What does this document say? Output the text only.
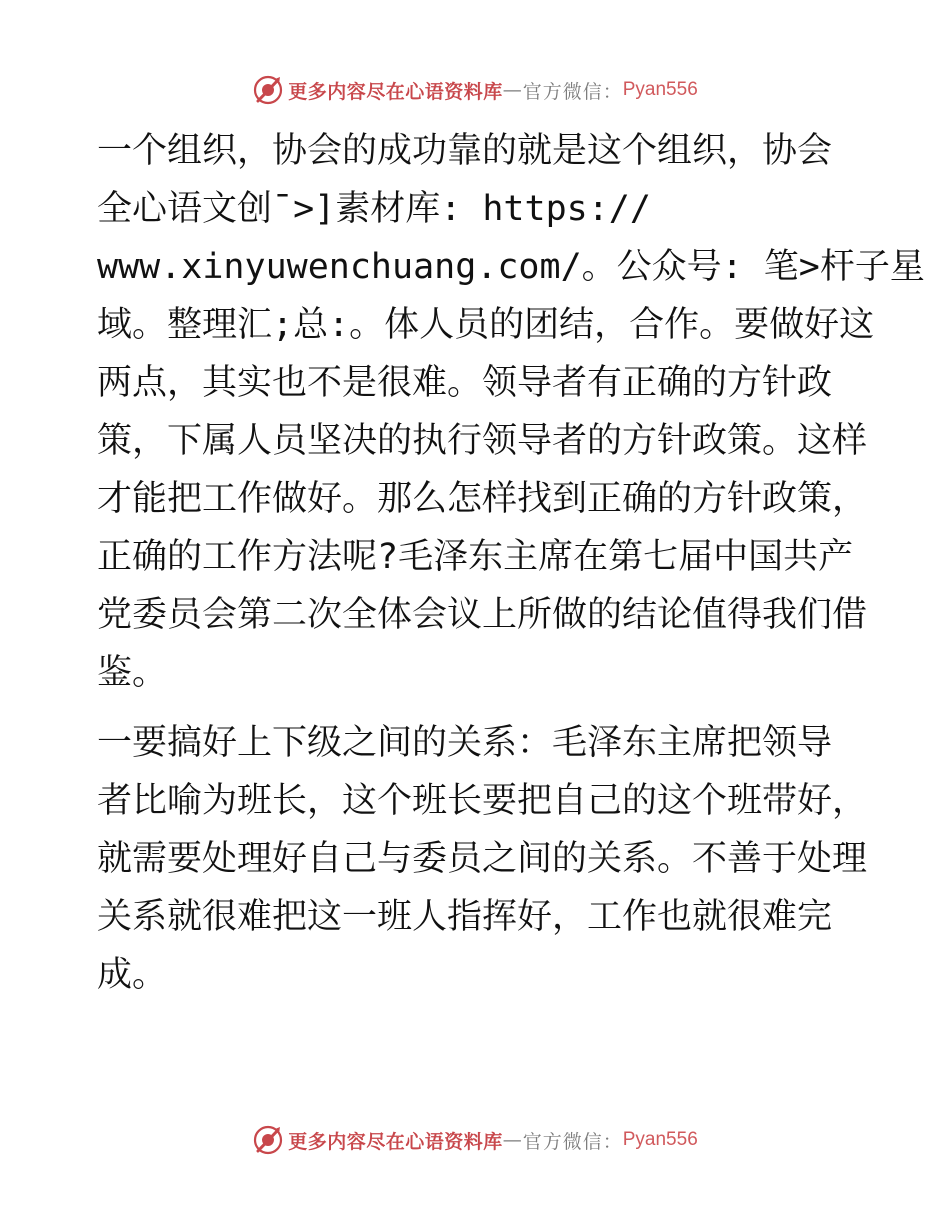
更多内容尽在心语资料库 — 官方微信： Pyan556

一个组织，协会的成功靠的就是这个组织，协会
全心语文创¯>]素材库: https://
www.xinyuwenchuang.com/。公众号: 笔>杆子星
域。整理汇;总:。体人员的团结，合作。要做好这
两点，其实也不是很难。领导者有正确的方针政
策，下属人员坚决的执行领导者的方针政策。这样
才能把工作做好。那么怎样找到正确的方针政策，
正确的工作方法呢?毛泽东主席在第七届中国共产
党委员会第二次全体会议上所做的结论值得我们借
鉴。

一要搞好上下级之间的关系：毛泽东主席把领导
者比喻为班长，这个班长要把自己的这个班带好，
就需要处理好自己与委员之间的关系。不善于处理
关系就很难把这一班人指挥好，工作也就很难完
成。

更多内容尽在心语资料库 — 官方微信： Pyan556
